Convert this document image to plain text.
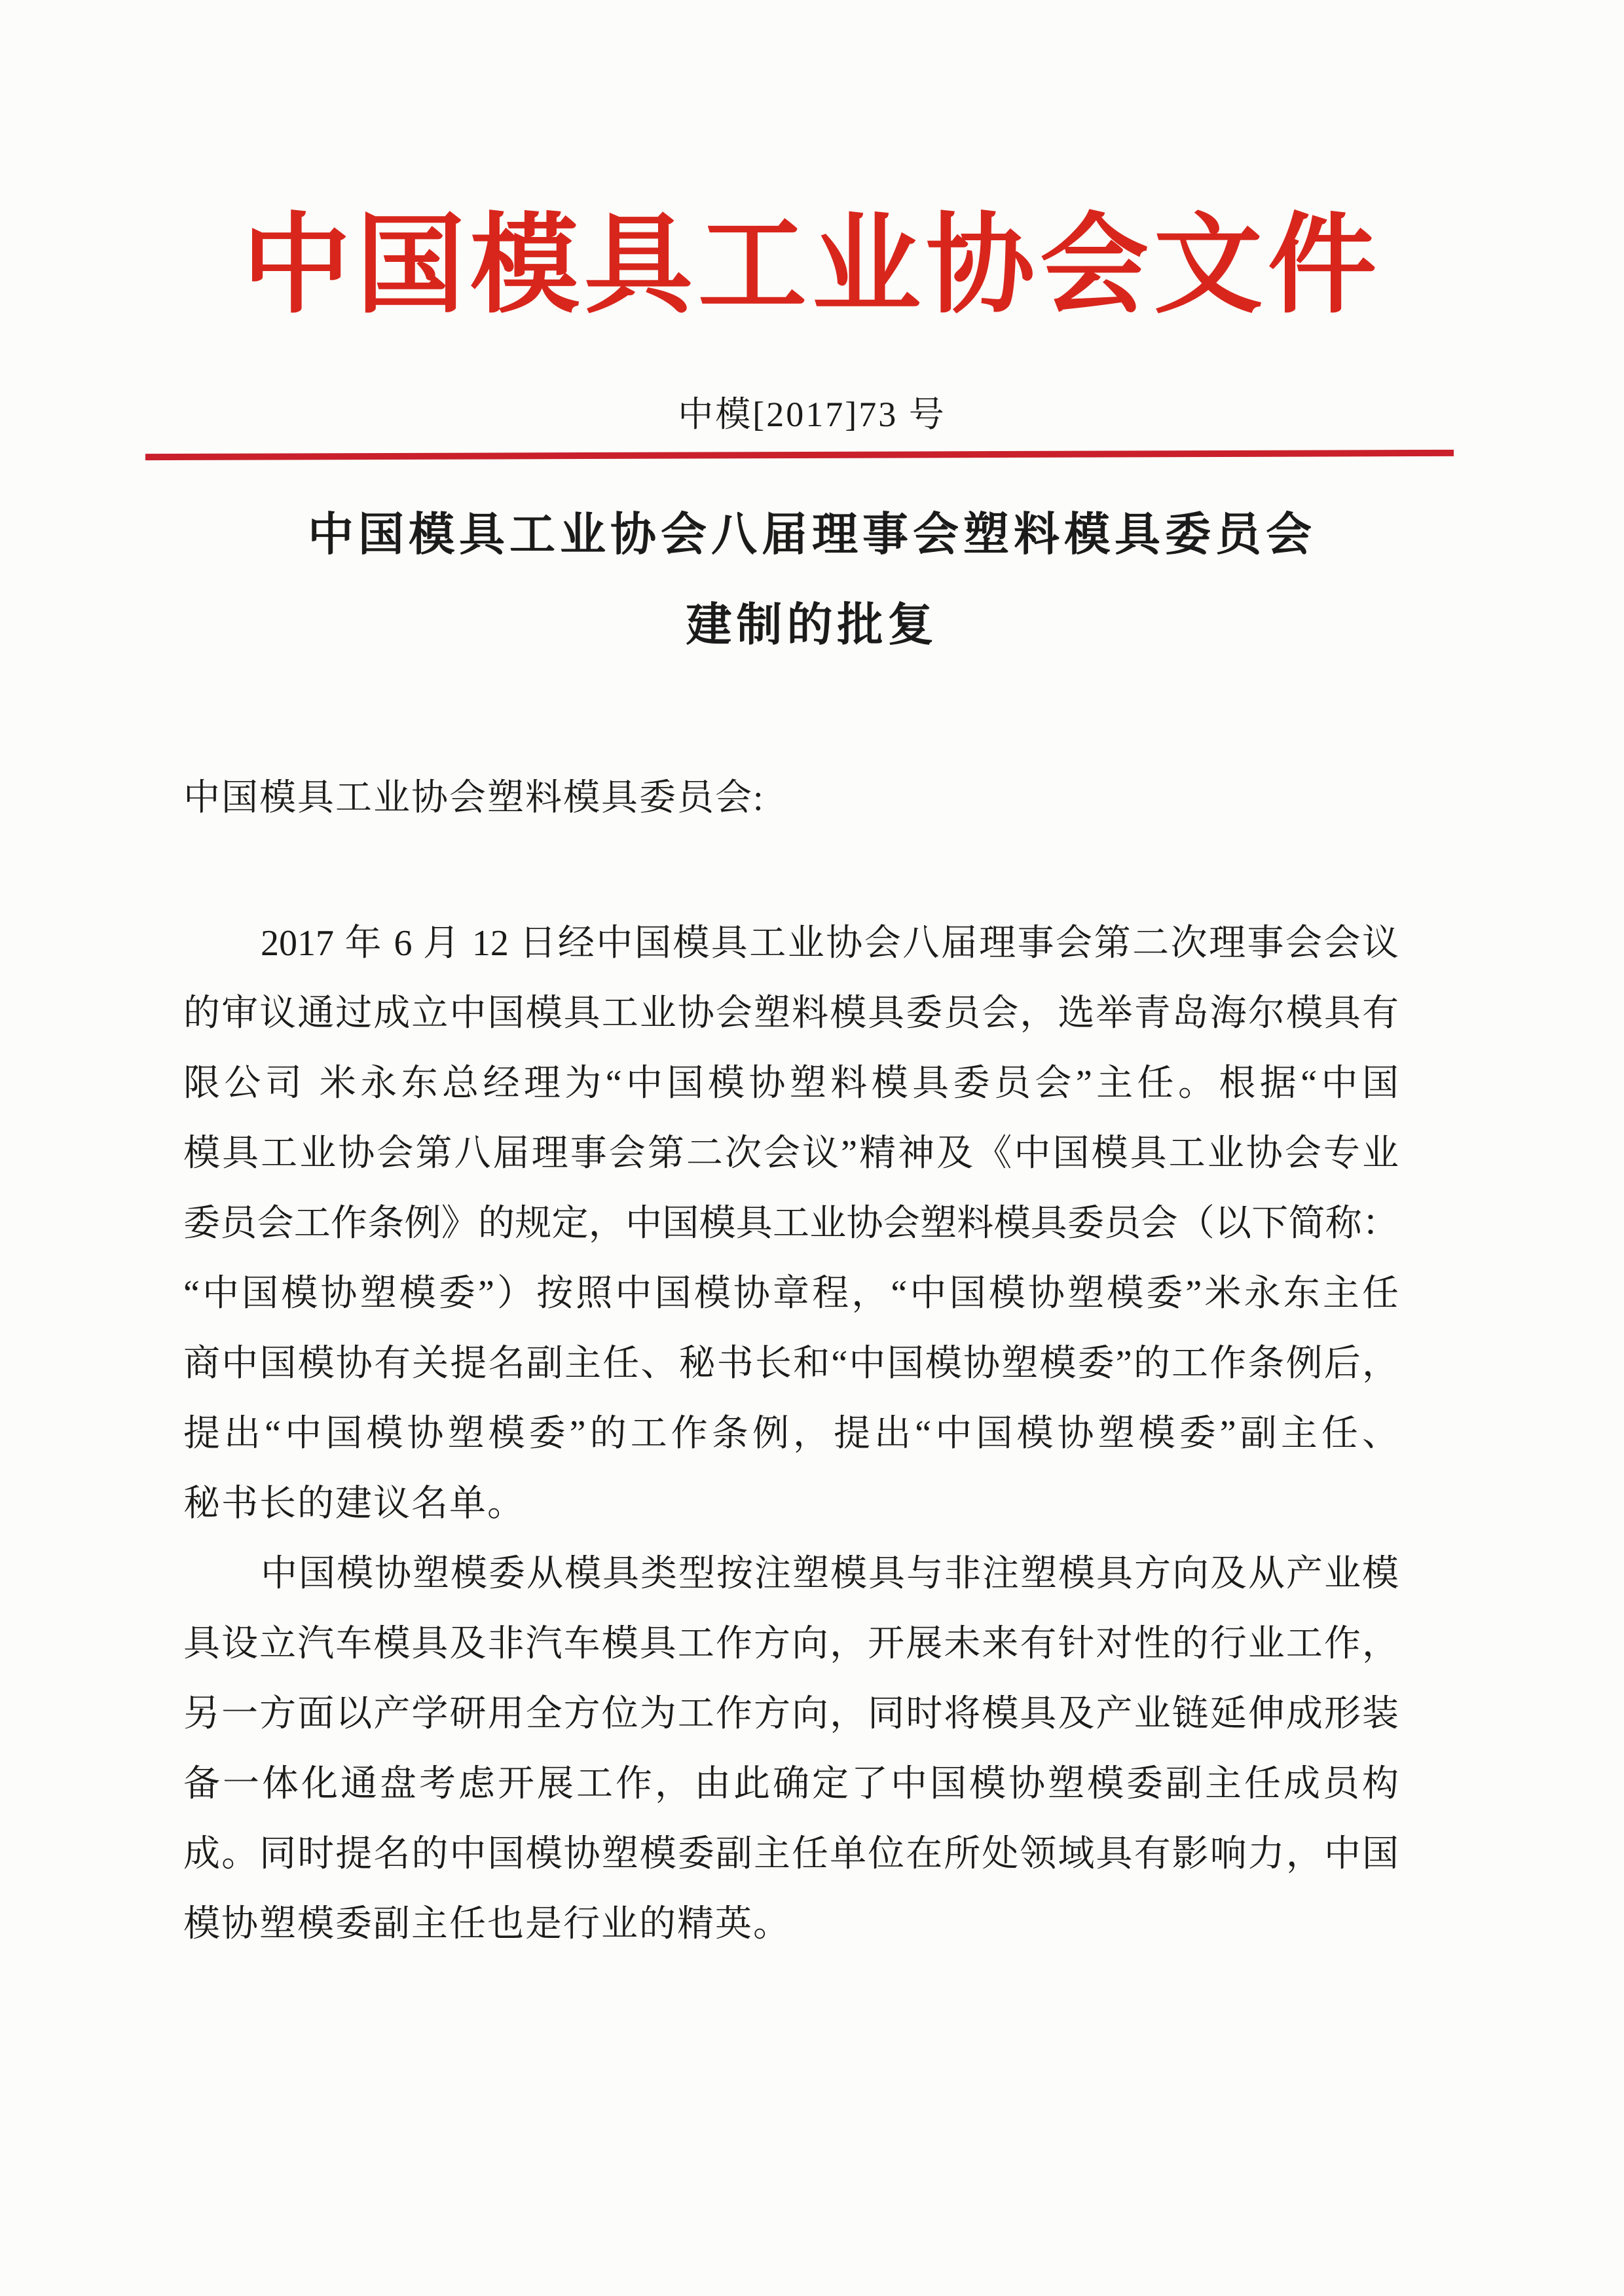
中国模具工业协会文件
中模[2017]73 号
中国模具工业协会八届理事会塑料模具委员会
建制的批复
中国模具工业协会塑料模具委员会:
2017 年 6 月 12 日经中国模具工业协会八届理事会第二次理事会会议
的审议通过成立中国模具工业协会塑料模具委员会，选举青岛海尔模具有
限公司 米永东总经理为“中国模协塑料模具委员会”主任。根据“中国
模具工业协会第八届理事会第二次会议”精神及《中国模具工业协会专业
委员会工作条例》的规定，中国模具工业协会塑料模具委员会（以下简称：
“中国模协塑模委”）按照中国模协章程，“中国模协塑模委”米永东主任
商中国模协有关提名副主任、秘书长和“中国模协塑模委”的工作条例后，
提出“中国模协塑模委”的工作条例，提出“中国模协塑模委”副主任、
秘书长的建议名单。
中国模协塑模委从模具类型按注塑模具与非注塑模具方向及从产业模
具设立汽车模具及非汽车模具工作方向，开展未来有针对性的行业工作，
另一方面以产学研用全方位为工作方向，同时将模具及产业链延伸成形装
备一体化通盘考虑开展工作，由此确定了中国模协塑模委副主任成员构
成。同时提名的中国模协塑模委副主任单位在所处领域具有影响力，中国
模协塑模委副主任也是行业的精英。
